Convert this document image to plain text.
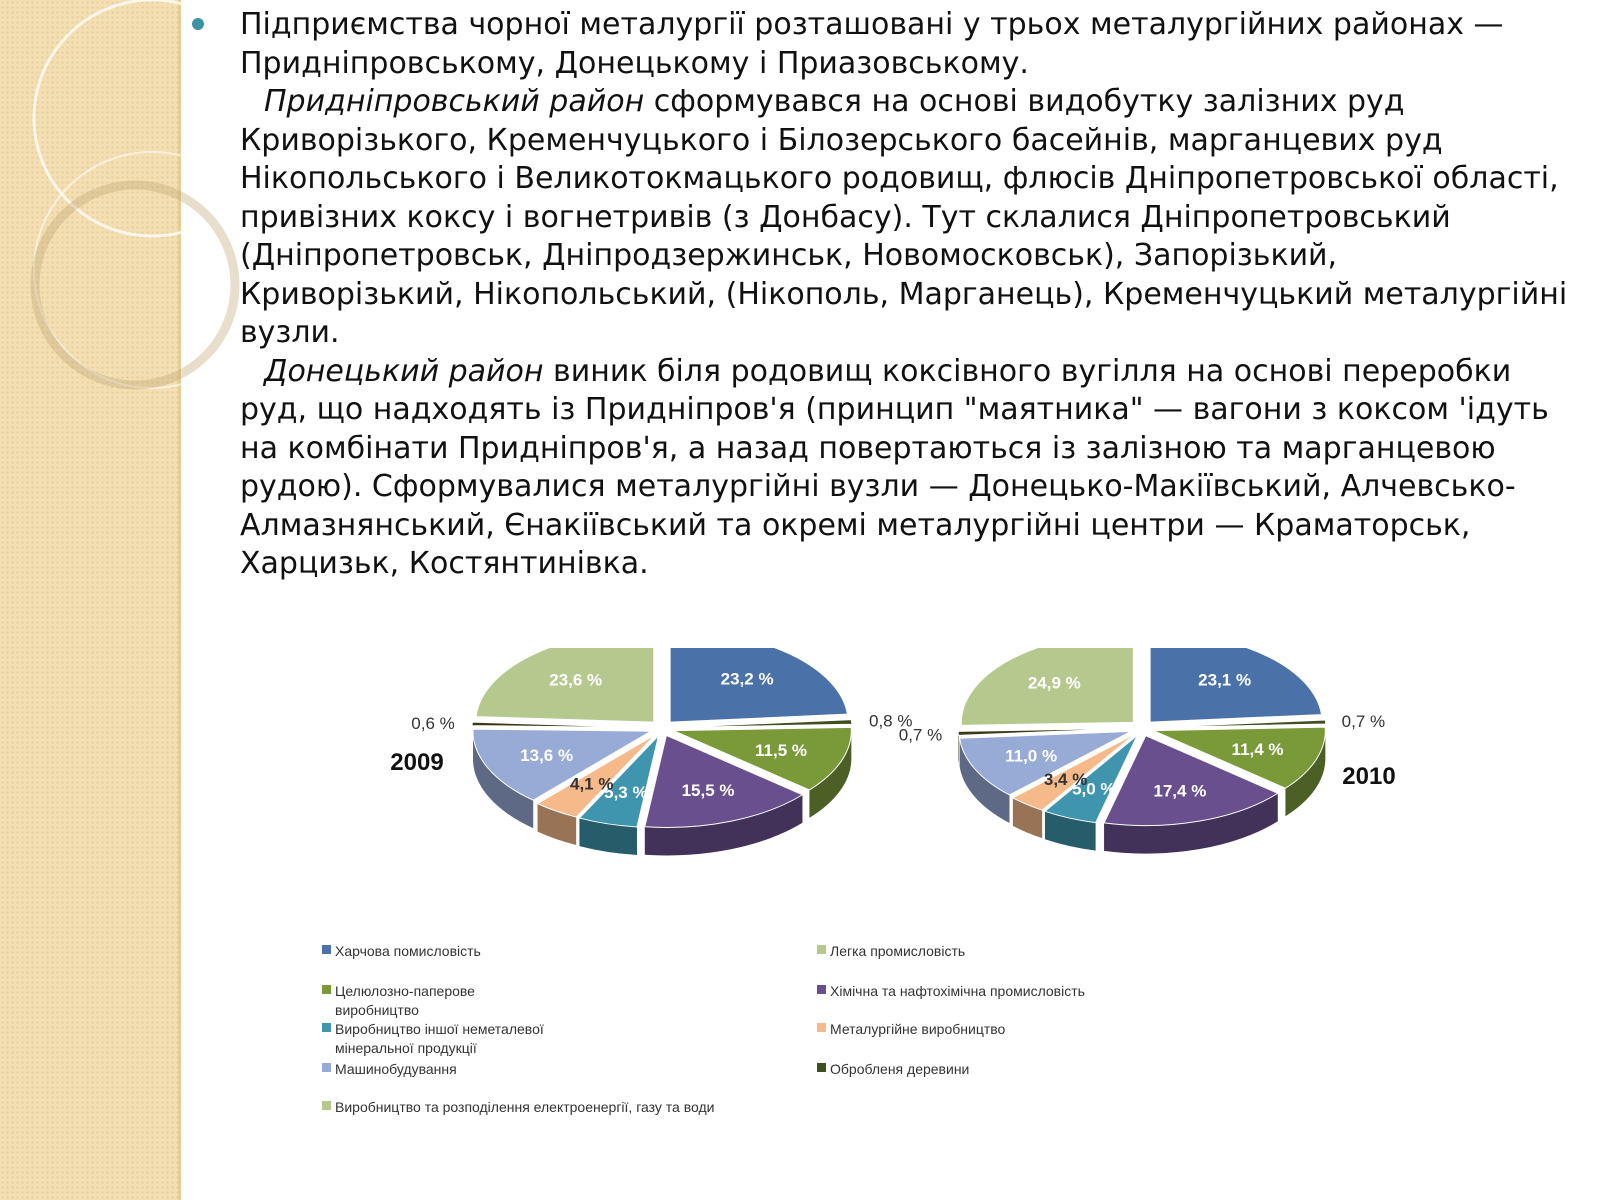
Підприємства чорної металургії розташовані у трьох металургійних районах — Придніпровському, Донецькому і Приазовському.

Придніпровський район сформувався на основі видобутку залізних руд Криворізького, Кременчуцького і Білозерського басейнів, марганцевих руд Нікопольського і Великотокмацького родовищ, флюсів Дніпропетровської області, привізних коксу і вогнетривів (з Донбасу). Тут склалися Дніпропетровський (Дніпропетровськ, Дніпродзержинськ, Новомосковськ), Запорізький, Криворізький, Нікопольський, (Нікополь, Марганець), Кременчуцький металургійні вузли.

Донецький район виник біля родовищ коксівного вугілля на основі переробки руд, що надходять із Придніпров'я (принцип "маятника" — вагони з коксом 'ідуть на комбінати Придніпров'я, а назад повертаються із залізною та марганцевою рудою). Сформувалися металургійні вузли — Донецько-Макіївський, Алчевсько-Алмазнянський, Єнакіївський та окремі металургійні центри — Краматорськ, Харцизьк, Костянтинівка.

23,2 %
0,8 %
11,5 %
15,5 %
5,3 %
4,1 %
13,6 %
0,6 %
23,6 %
2009
23,1 %
0,7 %
11,4 %
17,4 %
5,0 %
3,4 %
11,0 %
0,7 %
24,9 %
2010
Харчова помисловість	Легка промисловість
Целюлозно-паперове виробництво
Хімічна та нафтохімічна промисловість
Виробництво іншої неметалевої мінеральної продукції
Металургійне виробництво
Машинобудування	Обробленя деревини
Виробництво та розподілення електроенергії, газу та води
